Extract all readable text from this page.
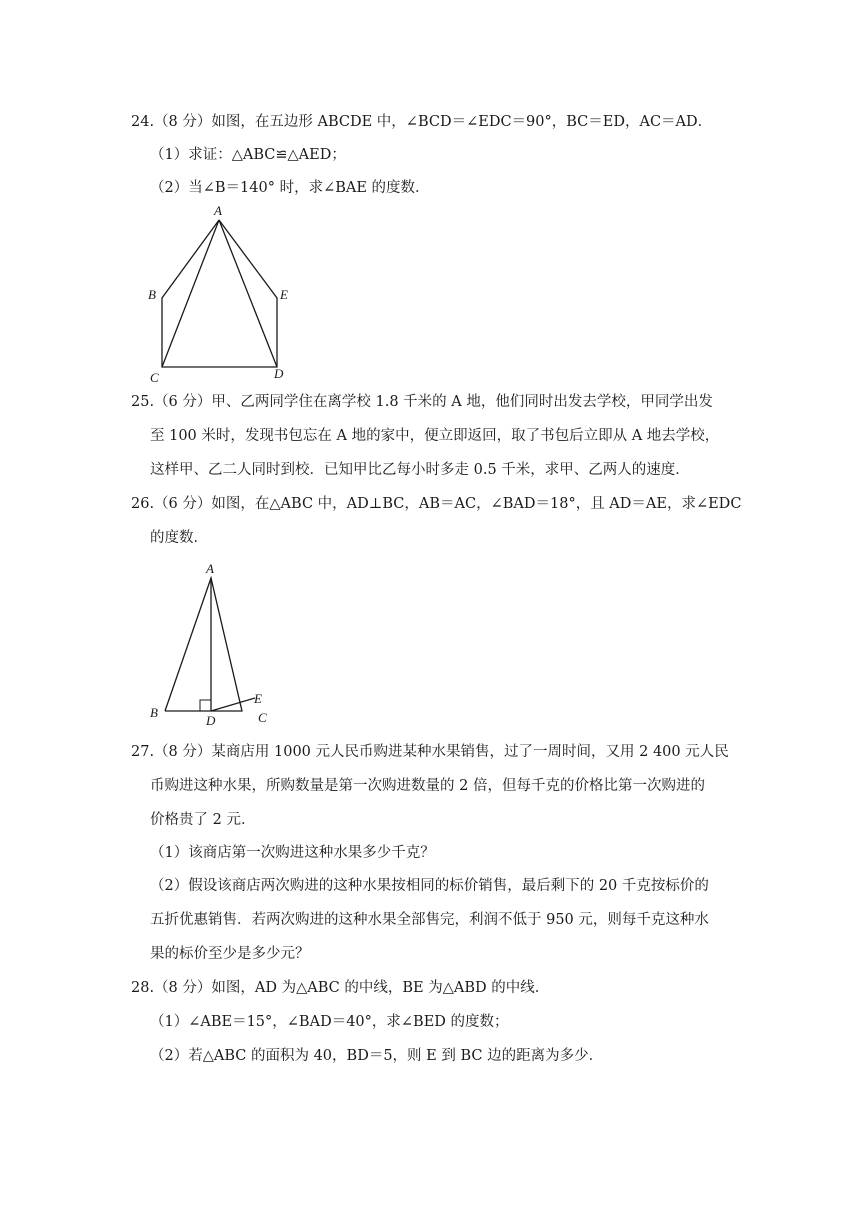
24.（8 分）如图，在五边形 ABCDE 中，∠BCD＝∠EDC＝90°，BC＝ED，AC＝AD．
（1）求证：△ABC≌△AED；
（2）当∠B＝140° 时，求∠BAE 的度数．
A
B
C	D
E
25.（6 分）甲、乙两同学住在离学校 1.8 千米的 A 地，他们同时出发去学校，甲同学出发
至 100 米时，发现书包忘在 A 地的家中，便立即返回，取了书包后立即从 A 地去学校，
这样甲、乙二人同时到校．已知甲比乙每小时多走 0.5 千米，求甲、乙两人的速度．
26.（6 分）如图，在△ABC 中，AD⊥BC，AB＝AC，∠BAD＝18°，且 AD＝AE，求∠EDC
的度数．
A
B
D	C
E
27.（8 分）某商店用 1000 元人民币购进某种水果销售，过了一周时间，又用 2 400 元人民
币购进这种水果，所购数量是第一次购进数量的 2 倍，但每千克的价格比第一次购进的
价格贵了 2 元．
（1）该商店第一次购进这种水果多少千克？
（2）假设该商店两次购进的这种水果按相同的标价销售，最后剩下的 20 千克按标价的
五折优惠销售．若两次购进的这种水果全部售完，利润不低于 950 元，则每千克这种水
果的标价至少是多少元？
28.（8 分）如图，AD 为△ABC 的中线，BE 为△ABD 的中线．
（1）∠ABE＝15°，∠BAD＝40°，求∠BED 的度数；
（2）若△ABC 的面积为 40，BD＝5，则 E 到 BC 边的距离为多少．
